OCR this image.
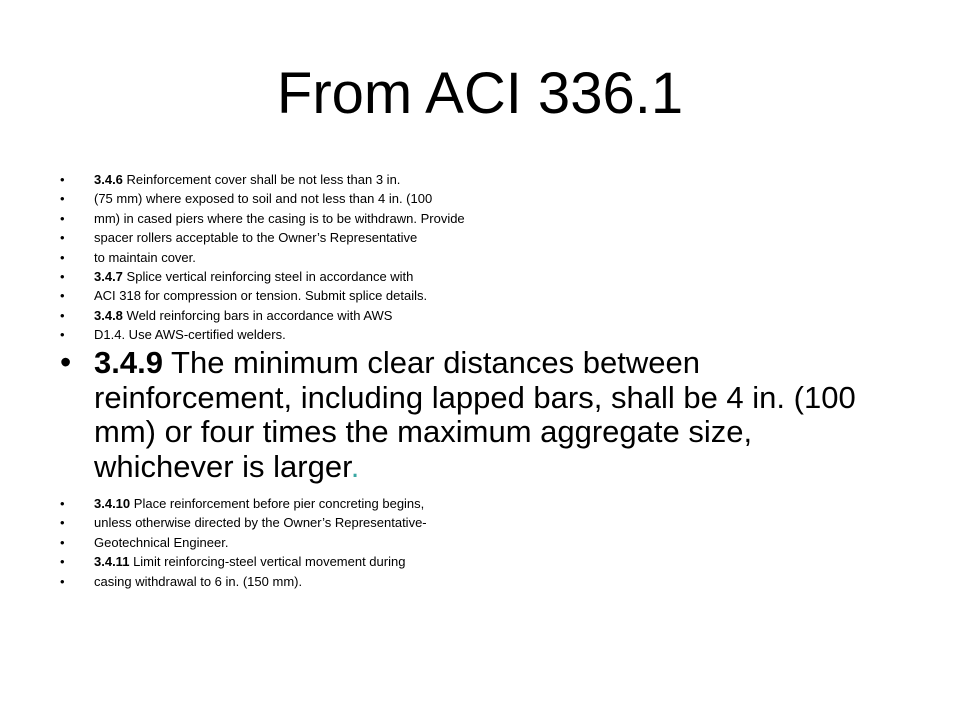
From ACI 336.1
•	3.4.6 Reinforcement cover shall be not less than 3 in.
•	(75 mm) where exposed to soil and not less than 4 in. (100
•	mm) in cased piers where the casing is to be withdrawn. Provide
•	spacer rollers acceptable to the Owner’s Representative
•	to maintain cover.
•	3.4.7 Splice vertical reinforcing steel in accordance with
•	ACI 318 for compression or tension. Submit splice details.
•	3.4.8 Weld reinforcing bars in accordance with AWS
•	D1.4. Use AWS-certified welders.
• 3.4.9 The minimum clear distances between reinforcement, including lapped bars, shall be 4 in. (100 mm) or four times the maximum aggregate size, whichever is larger.
•	3.4.10 Place reinforcement before pier concreting begins,
•	unless otherwise directed by the Owner’s Representative-
•	Geotechnical Engineer.
•	3.4.11 Limit reinforcing-steel vertical movement during
•	casing withdrawal to 6 in. (150 mm).
